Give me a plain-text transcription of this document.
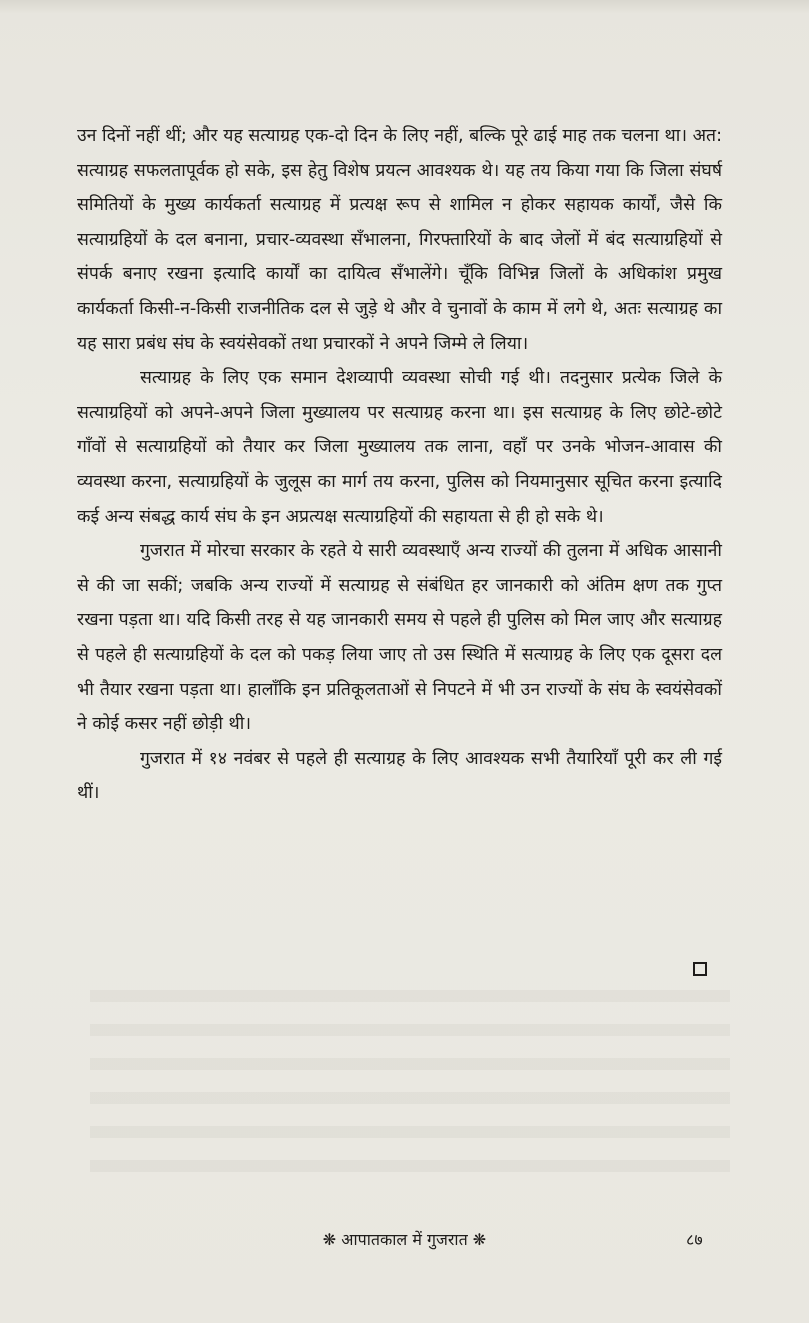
उन दिनों नहीं थीं; और यह सत्याग्रह एक-दो दिन के लिए नहीं, बल्कि पूरे ढाई माह तक चलना था। अत: सत्याग्रह सफलतापूर्वक हो सके, इस हेतु विशेष प्रयत्न आवश्यक थे। यह तय किया गया कि जिला संघर्ष समितियों के मुख्य कार्यकर्ता सत्याग्रह में प्रत्यक्ष रूप से शामिल न होकर सहायक कार्यों, जैसे कि सत्याग्रहियों के दल बनाना, प्रचार-व्यवस्था सँभालना, गिरफ्तारियों के बाद जेलों में बंद सत्याग्रहियों से संपर्क बनाए रखना इत्यादि कार्यों का दायित्व सँभालेंगे। चूँकि विभिन्न जिलों के अधिकांश प्रमुख कार्यकर्ता किसी-न-किसी राजनीतिक दल से जुड़े थे और वे चुनावों के काम में लगे थे, अतः सत्याग्रह का यह सारा प्रबंध संघ के स्वयंसेवकों तथा प्रचारकों ने अपने जिम्मे ले लिया।

सत्याग्रह के लिए एक समान देशव्यापी व्यवस्था सोची गई थी। तदनुसार प्रत्येक जिले के सत्याग्रहियों को अपने-अपने जिला मुख्यालय पर सत्याग्रह करना था। इस सत्याग्रह के लिए छोटे-छोटे गाँवों से सत्याग्रहियों को तैयार कर जिला मुख्यालय तक लाना, वहाँ पर उनके भोजन-आवास की व्यवस्था करना, सत्याग्रहियों के जुलूस का मार्ग तय करना, पुलिस को नियमानुसार सूचित करना इत्यादि कई अन्य संबद्ध कार्य संघ के इन अप्रत्यक्ष सत्याग्रहियों की सहायता से ही हो सके थे।

गुजरात में मोरचा सरकार के रहते ये सारी व्यवस्थाएँ अन्य राज्यों की तुलना में अधिक आसानी से की जा सकीं; जबकि अन्य राज्यों में सत्याग्रह से संबंधित हर जानकारी को अंतिम क्षण तक गुप्त रखना पड़ता था। यदि किसी तरह से यह जानकारी समय से पहले ही पुलिस को मिल जाए और सत्याग्रह से पहले ही सत्याग्रहियों के दल को पकड़ लिया जाए तो उस स्थिति में सत्याग्रह के लिए एक दूसरा दल भी तैयार रखना पड़ता था। हालाँकि इन प्रतिकूलताओं से निपटने में भी उन राज्यों के संघ के स्वयंसेवकों ने कोई कसर नहीं छोड़ी थी।

गुजरात में १४ नवंबर से पहले ही सत्याग्रह के लिए आवश्यक सभी तैयारियाँ पूरी कर ली गई थीं।

❋ आपातकाल में गुजरात ❋	८७
